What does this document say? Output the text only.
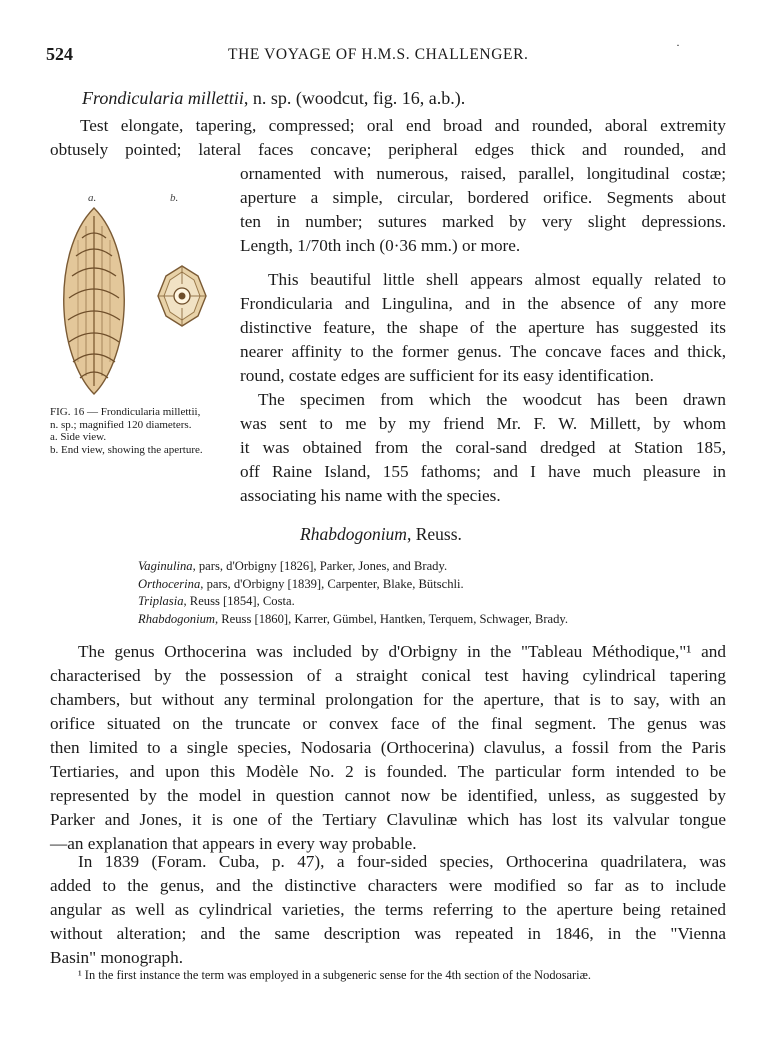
524	THE VOYAGE OF H.M.S. CHALLENGER.
·
Frondicularia millettii, n. sp. (woodcut, fig. 16, a.b.).
Test elongate, tapering, compressed; oral end broad and rounded, aboral extremity
obtusely pointed; lateral faces concave; peripheral edges thick and rounded, and
ornamented with numerous, raised, parallel, longitudinal costæ;
aperture a simple, circular, bordered orifice. Segments about
ten in number; sutures marked by very slight depressions.
Length, 1/70th inch (0·36 mm.) or more.
a.	b.
FIG. 16 — Frondicularia millettii, n. sp.; magnified 120 diameters.
a. Side view.
b. End view, showing the aperture.
This beautiful little shell appears almost equally related to
Frondicularia and Lingulina, and in the absence of any more
distinctive feature, the shape of the aperture has suggested its
nearer affinity to the former genus. The concave faces and thick,
round, costate edges are sufficient for its easy identification.
The specimen from which the woodcut has been drawn
was sent to me by my friend Mr. F. W. Millett, by whom
it was obtained from the coral-sand dredged at Station 185,
off Raine Island, 155 fathoms; and I have much pleasure in
associating his name with the species.
Rhabdogonium, Reuss.
Vaginulina, pars, d'Orbigny [1826], Parker, Jones, and Brady.
Orthocerina, pars, d'Orbigny [1839], Carpenter, Blake, Bütschli.
Triplasia, Reuss [1854], Costa.
Rhabdogonium, Reuss [1860], Karrer, Gümbel, Hantken, Terquem, Schwager, Brady.
The genus Orthocerina was included by d'Orbigny in the "Tableau Méthodique,"¹ and
characterised by the possession of a straight conical test having cylindrical tapering
chambers, but without any terminal prolongation for the aperture, that is to say, with an
orifice situated on the truncate or convex face of the final segment. The genus was
then limited to a single species, Nodosaria (Orthocerina) clavulus, a fossil from the Paris
Tertiaries, and upon this Modèle No. 2 is founded. The particular form intended to be
represented by the model in question cannot now be identified, unless, as suggested by
Parker and Jones, it is one of the Tertiary Clavulinæ which has lost its valvular tongue
—an explanation that appears in every way probable.
In 1839 (Foram. Cuba, p. 47), a four-sided species, Orthocerina quadrilatera, was
added to the genus, and the distinctive characters were modified so far as to include
angular as well as cylindrical varieties, the terms referring to the aperture being retained
without alteration; and the same description was repeated in 1846, in the "Vienna
Basin" monograph.
¹ In the first instance the term was employed in a subgeneric sense for the 4th section of the Nodosariæ.
